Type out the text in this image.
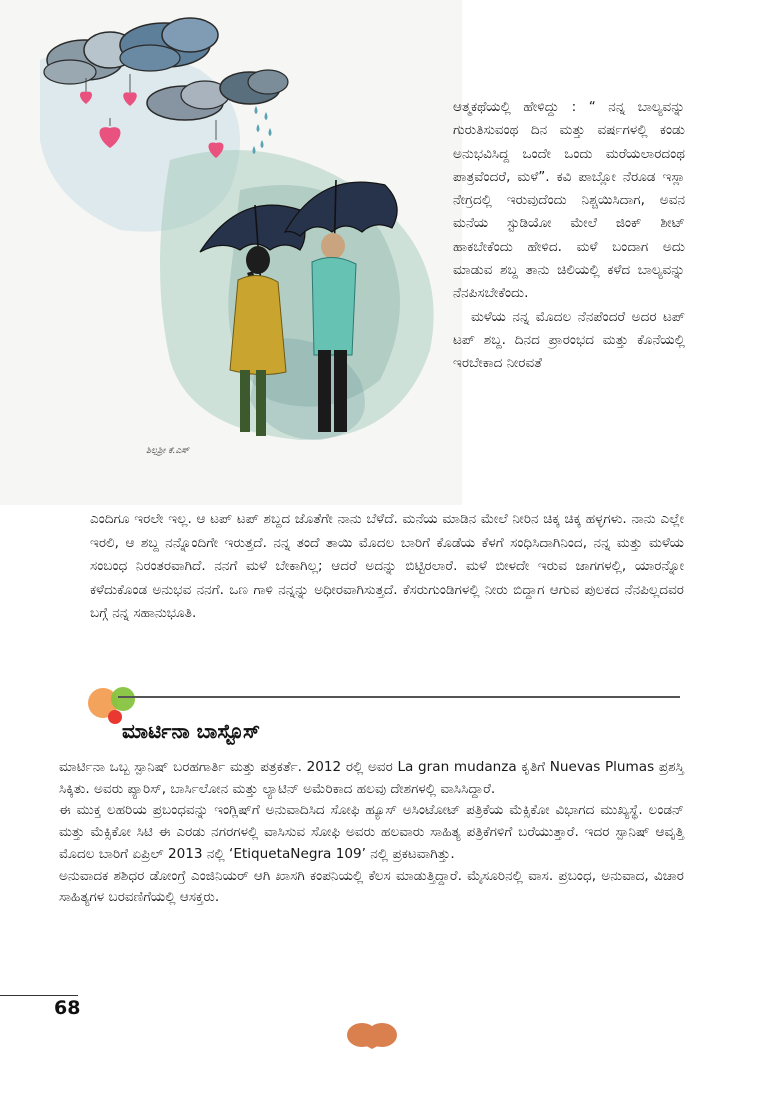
ಶಿಲ್ಪಶ್ರೀ ಕೆ.ಎಸ್

ಆತ್ಮಕಥೆಯಲ್ಲಿ ಹೇಳಿದ್ದು : “ ನನ್ನ ಬಾಲ್ಯವನ್ನು ಗುರುತಿಸುವಂಥ ದಿನ ಮತ್ತು ವರ್ಷಗಳಲ್ಲಿ ಕಂಡು ಅನುಭವಿಸಿದ್ದ ಒಂದೇ ಒಂದು ಮರೆಯಲಾರದಂಥ ಪಾತ್ರವೆಂದರೆ, ಮಳೆ”. ಕವಿ ಪಾಬ್ಲೋ ನೆರೂಡ ಇಸ್ಲಾ ನೇಗ್ರದಲ್ಲಿ ಇರುವುದೆಂದು ನಿಶ್ಚಯಿಸಿದಾಗ, ಅವನ ಮನೆಯ ಸ್ಟುಡಿಯೋ ಮೇಲೆ ಜಿಂಕ್ ಶೀಟ್ ಹಾಕಬೇಕೆಂದು ಹೇಳಿದ. ಮಳೆ ಬಂದಾಗ ಅದು ಮಾಡುವ ಶಬ್ದ ತಾನು ಚಿಲಿಯಲ್ಲಿ ಕಳೆದ ಬಾಲ್ಯವನ್ನು ನೆನಪಿಸಬೇಕೆಂದು.

ಮಳೆಯ ನನ್ನ ಮೊದಲ ನೆನಪೆಂದರೆ ಅದರ ಟಪ್ ಟಪ್ ಶಬ್ದ. ದಿನದ ಪ್ರಾರಂಭದ ಮತ್ತು ಕೊನೆಯಲ್ಲಿ ಇರಬೇಕಾದ ನೀರವತೆ

ಎಂದಿಗೂ ಇರಲೇ ಇಲ್ಲ. ಆ ಟಪ್ ಟಪ್ ಶಬ್ದದ ಜೊತೆಗೇ ನಾನು ಬೆಳೆದೆ. ಮನೆಯ ಮಾಡಿನ ಮೇಲೆ ನೀರಿನ ಚಿಕ್ಕ ಚಿಕ್ಕ ಹಳ್ಳಗಳು. ನಾನು ಎಲ್ಲೇ ಇರಲಿ, ಆ ಶಬ್ದ ನನ್ನೊಂದಿಗೇ ಇರುತ್ತದೆ. ನನ್ನ ತಂದೆ ತಾಯಿ ಮೊದಲ ಬಾರಿಗೆ ಕೊಡೆಯ ಕೆಳಗೆ ಸಂಧಿಸಿದಾಗಿನಿಂದ, ನನ್ನ ಮತ್ತು ಮಳೆಯ ಸಂಬಂಧ ನಿರಂತರವಾಗಿದೆ. ನನಗೆ ಮಳೆ ಬೇಕಾಗಿಲ್ಲ; ಆದರೆ ಅದನ್ನು ಬಿಟ್ಟಿರಲಾರೆ. ಮಳೆ ಬೀಳದೇ ಇರುವ ಜಾಗಗಳಲ್ಲಿ, ಯಾರನ್ನೋ ಕಳೆದುಕೊಂಡ ಅನುಭವ ನನಗೆ. ಒಣ ಗಾಳಿ ನನ್ನನ್ನು ಅಧೀರವಾಗಿಸುತ್ತದೆ. ಕೆಸರುಗುಂಡಿಗಳಲ್ಲಿ ನೀರು ಬಿದ್ದಾಗ ಆಗುವ ಪುಲಕದ ನೆನಪಿಲ್ಲದವರ ಬಗ್ಗೆ ನನ್ನ ಸಹಾನುಭೂತಿ.

ಮಾರ್ಟಿನಾ ಬಾಸ್ಟೊಸ್

ಮಾರ್ಟಿನಾ ಒಬ್ಬ ಸ್ಪಾನಿಷ್ ಬರಹಗಾರ್ತಿ ಮತ್ತು ಪತ್ರಕರ್ತೆ. 2012 ರಲ್ಲಿ ಅವರ La gran mudanza ಕೃತಿಗೆ Nuevas Plumas ಪ್ರಶಸ್ತಿ ಸಿಕ್ಕಿತು. ಅವರು ಪ್ಯಾರಿಸ್, ಬಾರ್ಸಿಲೋನ ಮತ್ತು ಲ್ಯಾಟಿನ್ ಅಮೆರಿಕಾದ ಹಲವು ದೇಶಗಳಲ್ಲಿ ವಾಸಿಸಿದ್ದಾರೆ.

ಈ ಮುಕ್ತ ಲಹರಿಯ ಪ್ರಬಂಧವನ್ನು ಇಂಗ್ಲಿಷ್‌ಗೆ ಅನುವಾದಿಸಿದ ಸೋಫಿ ಹ್ಯೂಸ್ ಅಸಿಂಟೋಟ್ ಪತ್ರಿಕೆಯ ಮೆಕ್ಸಿಕೋ ವಿಭಾಗದ ಮುಖ್ಯಸ್ಥೆ. ಲಂಡನ್ ಮತ್ತು ಮೆಕ್ಸಿಕೋ ಸಿಟಿ ಈ ಎರಡು ನಗರಗಳಲ್ಲಿ ವಾಸಿಸುವ ಸೋಫಿ ಅವರು ಹಲವಾರು ಸಾಹಿತ್ಯ ಪತ್ರಿಕೆಗಳಿಗೆ ಬರೆಯುತ್ತಾರೆ. ಇದರ ಸ್ಪಾನಿಷ್ ಆವೃತ್ತಿ ಮೊದಲ ಬಾರಿಗೆ ಏಪ್ರಿಲ್ 2013 ನಲ್ಲಿ ‘EtiquetaNegra 109’ ನಲ್ಲಿ ಪ್ರಕಟವಾಗಿತ್ತು.

ಅನುವಾದಕ ಶಶಿಧರ ಡೋಂಗ್ರೆ ಎಂಜಿನಿಯರ್ ಆಗಿ ಖಾಸಗಿ ಕಂಪನಿಯಲ್ಲಿ ಕೆಲಸ ಮಾಡುತ್ತಿದ್ದಾರೆ. ಮೈಸೂರಿನಲ್ಲಿ ವಾಸ. ಪ್ರಬಂಧ, ಅನುವಾದ, ವಿಚಾರ ಸಾಹಿತ್ಯಗಳ ಬರವಣಿಗೆಯಲ್ಲಿ ಆಸಕ್ತರು.

68
